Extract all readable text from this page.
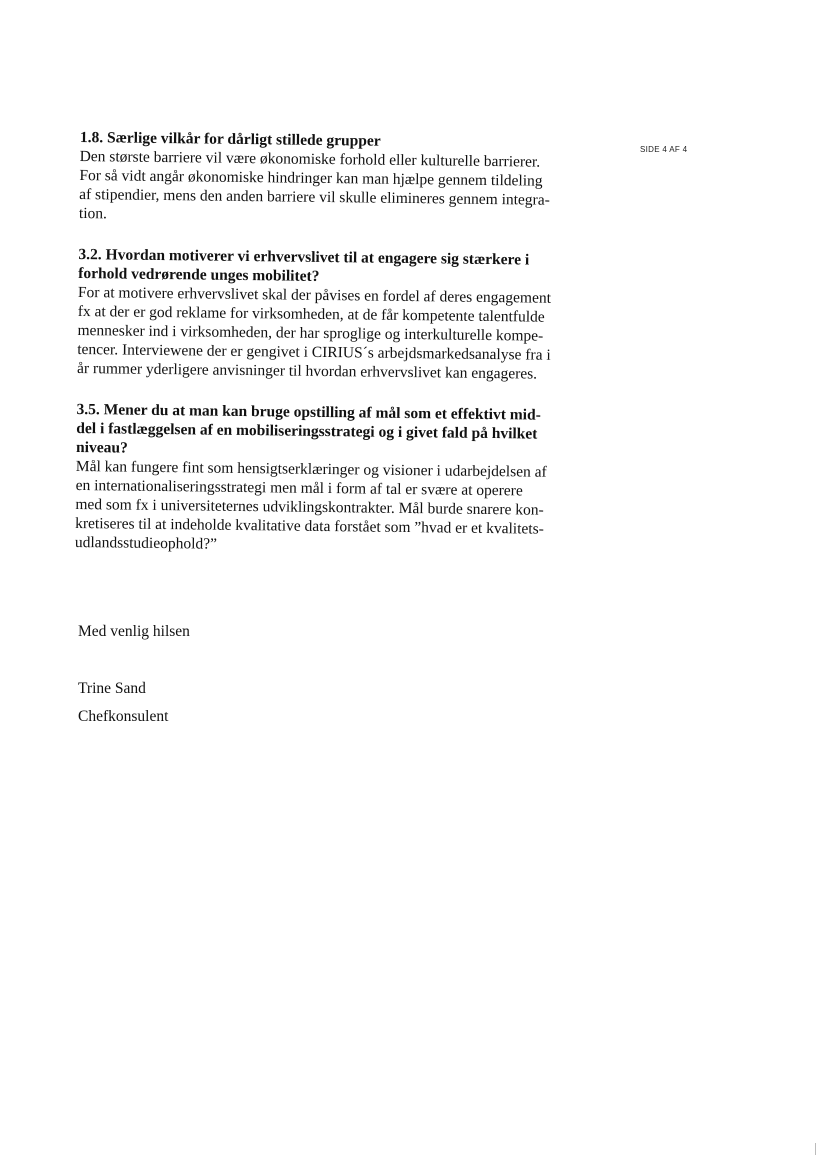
SIDE 4 AF 4

1.8. Særlige vilkår for dårligt stillede grupper

Den største barriere vil være økonomiske forhold eller kulturelle barrierer.
For så vidt angår økonomiske hindringer kan man hjælpe gennem tildeling
af stipendier, mens den anden barriere vil skulle elimineres gennem integra-
tion.

3.2. Hvordan motiverer vi erhvervslivet til at engagere sig stærkere i
forhold vedrørende unges mobilitet?

For at motivere erhvervslivet skal der påvises en fordel af deres engagement
fx at der er god reklame for virksomheden, at de får kompetente talentfulde
mennesker ind i virksomheden, der har sproglige og interkulturelle kompe-
tencer. Interviewene der er gengivet i CIRIUS´s arbejdsmarkedsanalyse fra i
år rummer yderligere anvisninger til hvordan erhvervslivet kan engageres.

3.5. Mener du at man kan bruge opstilling af mål som et effektivt mid-
del i fastlæggelsen af en mobiliseringsstrategi og i givet fald på hvilket
niveau?

Mål kan fungere fint som hensigtserklæringer og visioner i udarbejdelsen af
en internationaliseringsstrategi men mål i form af tal er svære at operere
med som fx i universiteternes udviklingskontrakter. Mål burde snarere kon-
kretiseres til at indeholde kvalitative data forstået som ”hvad er et kvalitets-
udlandsstudieophold?”

Med venlig hilsen
Trine Sand
Chefkonsulent
